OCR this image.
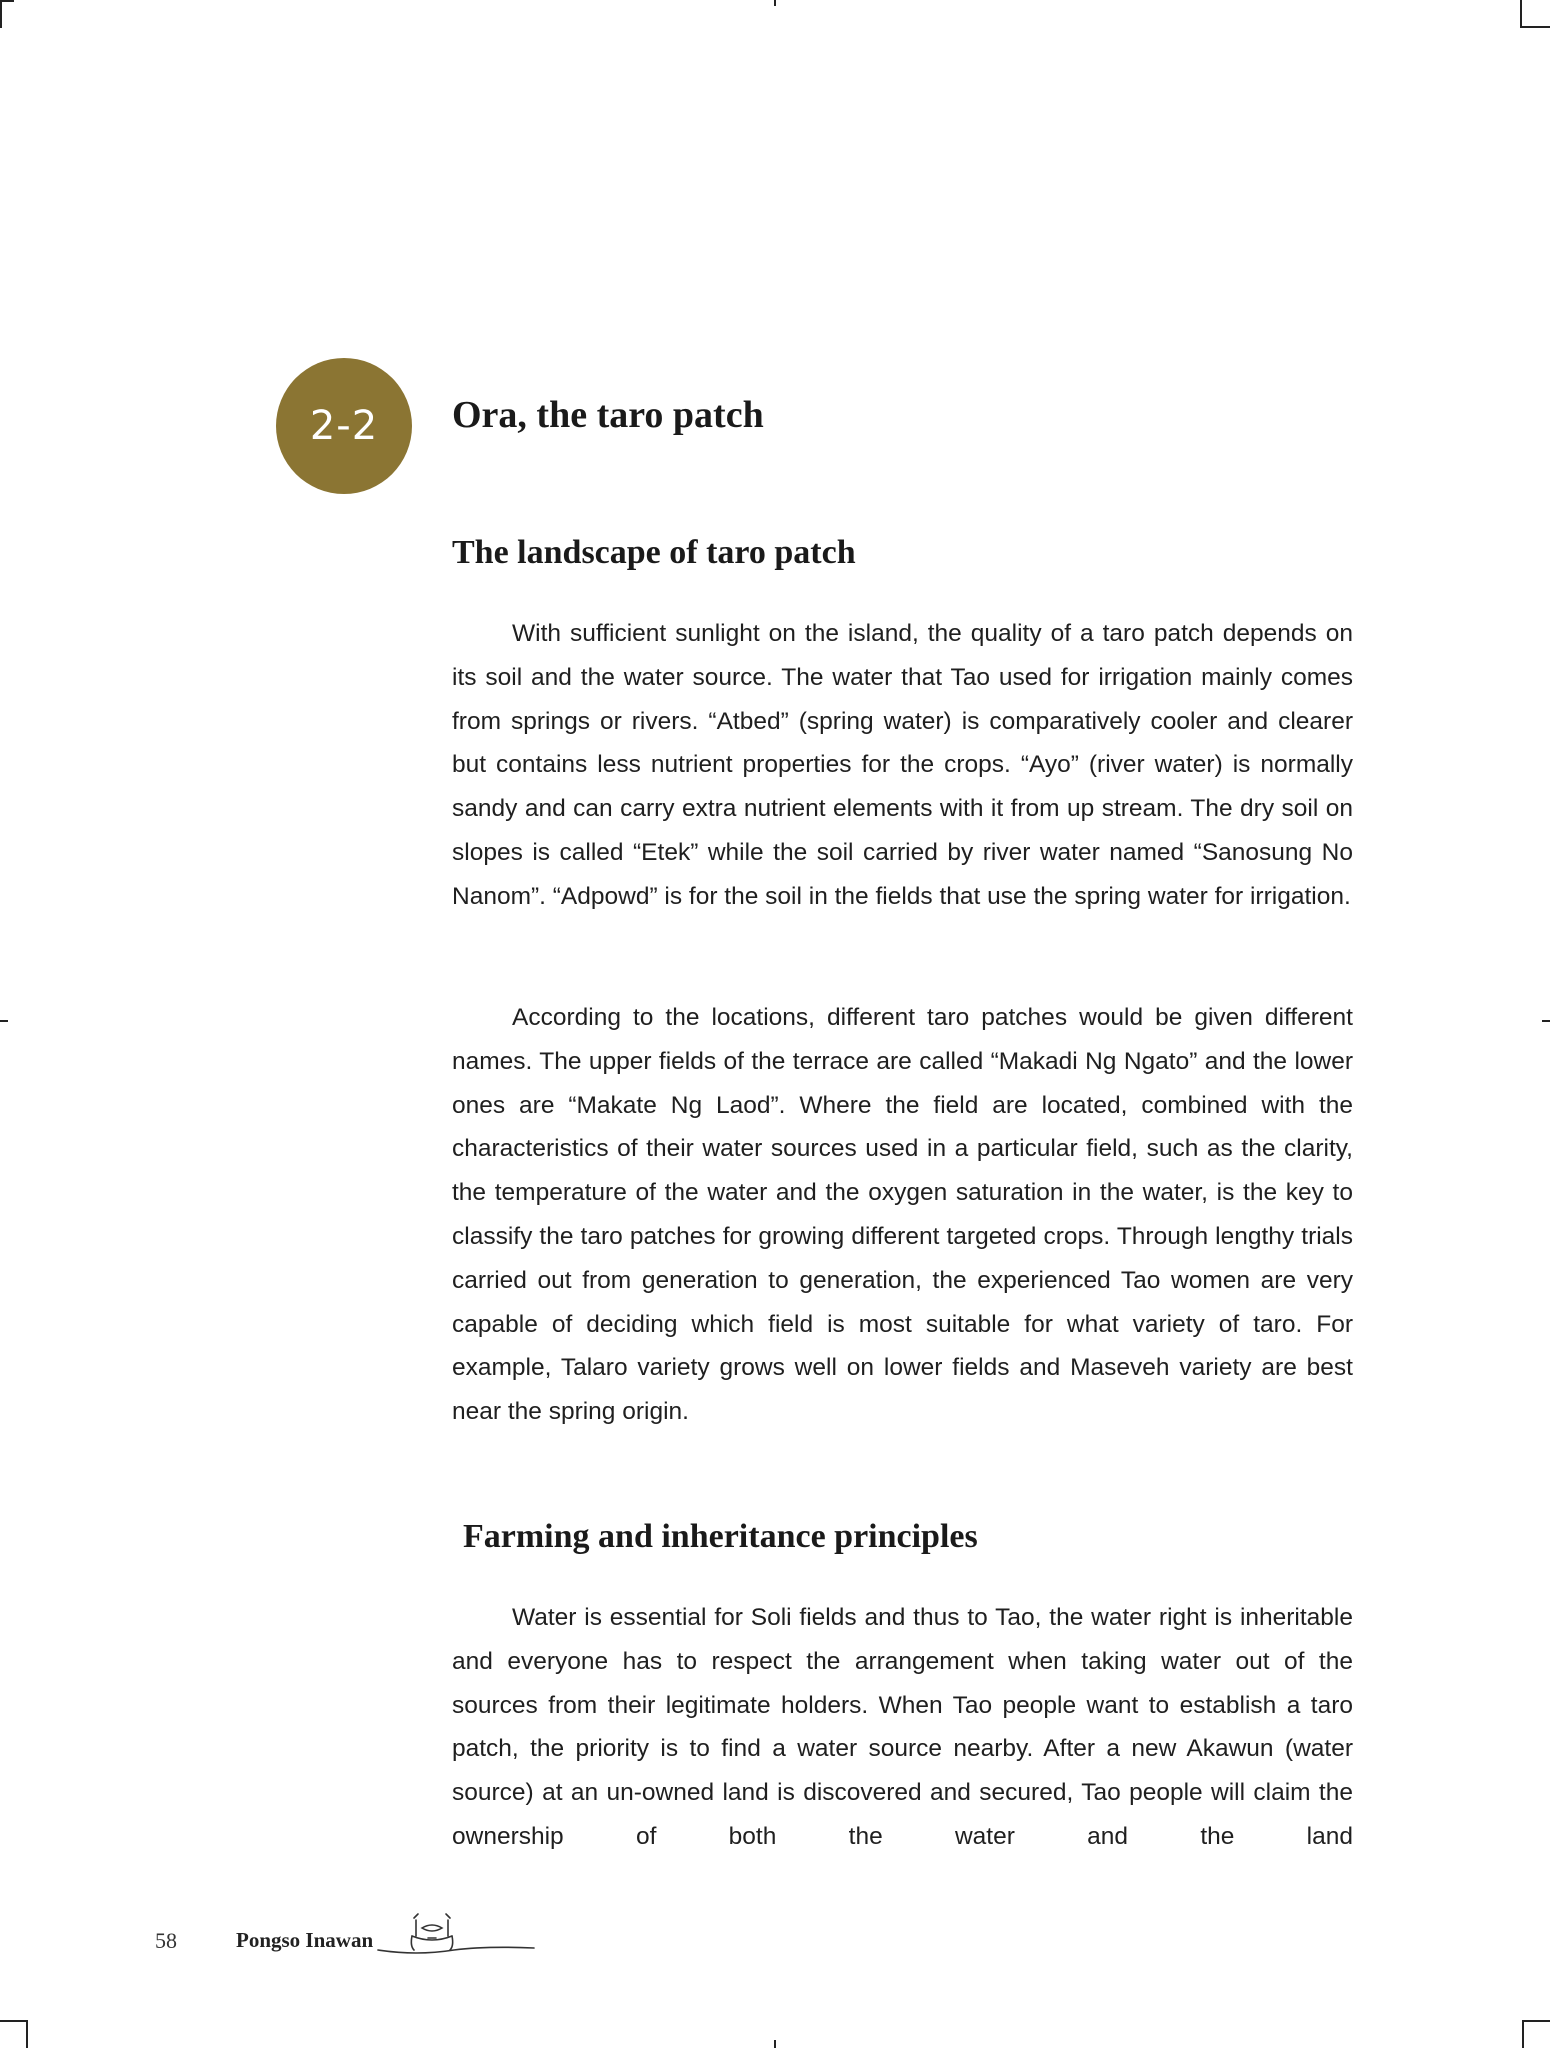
2-2	Ora, the taro patch
The landscape of taro patch

With sufficient sunlight on the island, the quality of a taro patch depends on its soil and the water source. The water that Tao used for irrigation mainly comes from springs or rivers. “Atbed” (spring water) is comparatively cooler and clearer but contains less nutrient properties for the crops. “Ayo” (river water) is normally sandy and can carry extra nutrient elements with it from up stream. The dry soil on slopes is called “Etek” while the soil carried by river water named “Sanosung No Nanom”. “Adpowd” is for the soil in the fields that use the spring water for irrigation.

According to the locations, different taro patches would be given different names. The upper fields of the terrace are called “Makadi Ng Ngato” and the lower ones are “Makate Ng Laod”. Where the field are located, combined with the characteristics of their water sources used in a particular field, such as the clarity, the temperature of the water and the oxygen saturation in the water, is the key to classify the taro patches for growing different targeted crops. Through lengthy trials carried out from generation to generation, the experienced Tao women are very capable of deciding which field is most suitable for what variety of taro. For example, Talaro variety grows well on lower fields and Maseveh variety are best near the spring origin.

Farming and inheritance principles

Water is essential for Soli fields and thus to Tao, the water right is inheritable and everyone has to respect the arrangement when taking water out of the sources from their legitimate holders. When Tao people want to establish a taro patch, the priority is to find a water source nearby. After a new Akawun (water source) at an un-owned land is discovered and secured, Tao people will claim the ownership of both the water and the land

58	Pongso Inawan
